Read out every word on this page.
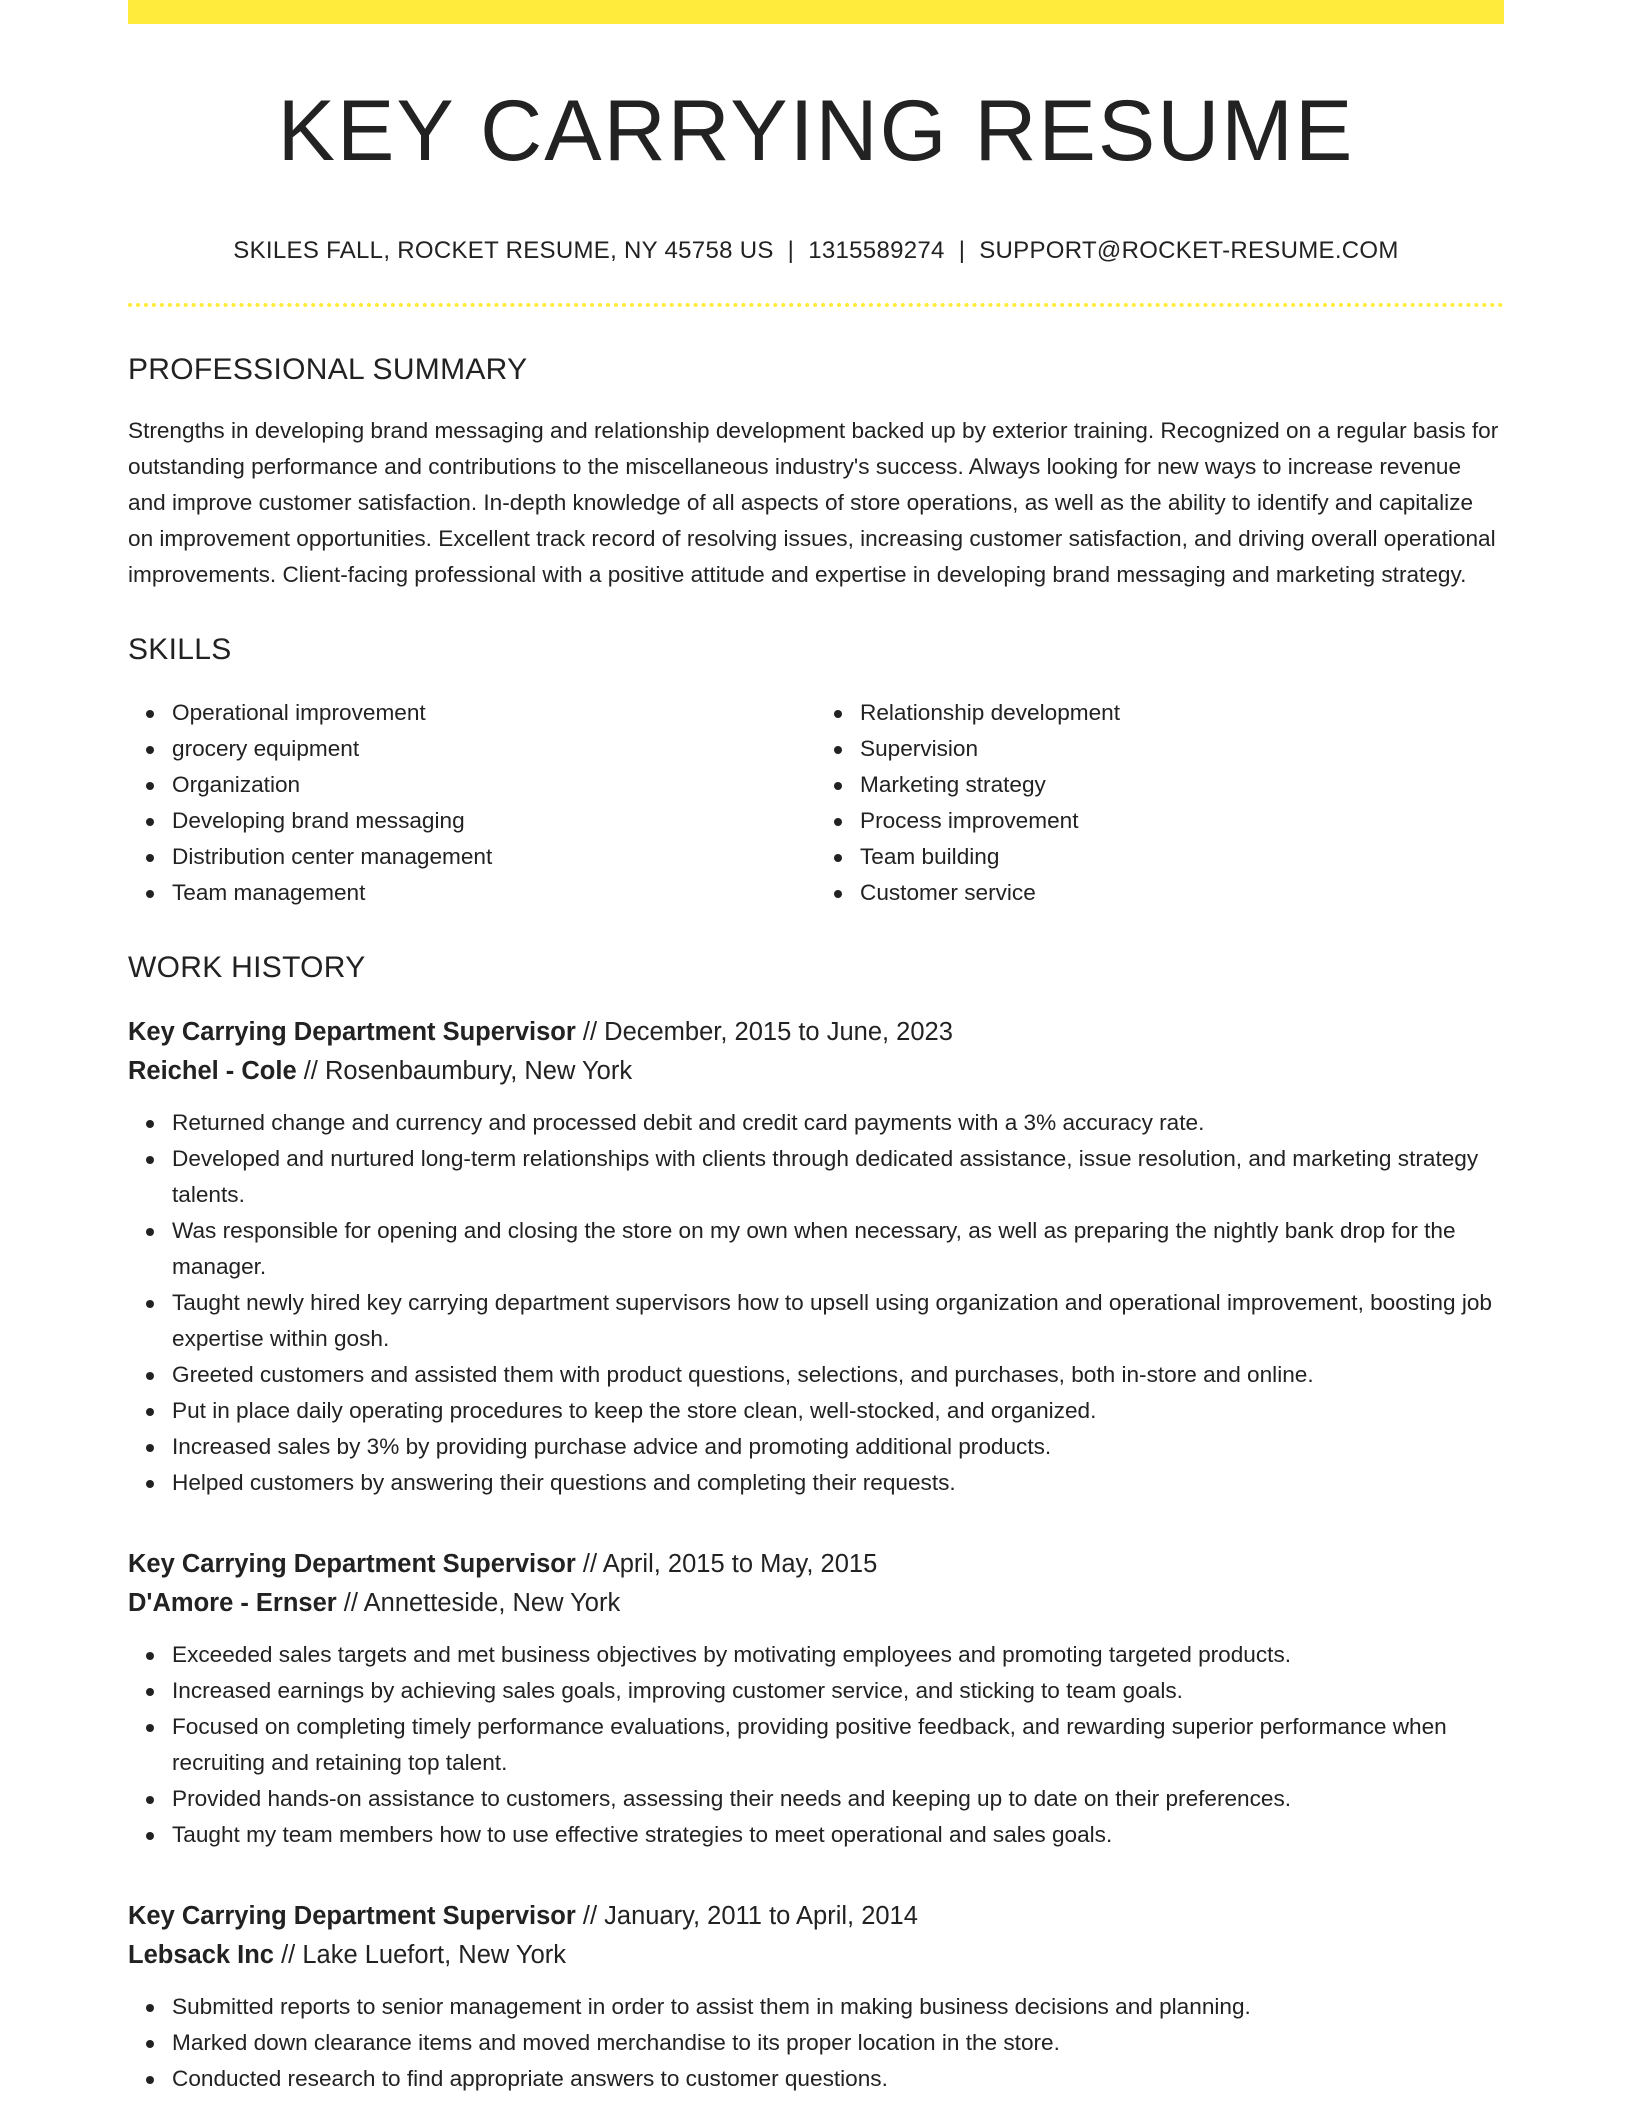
KEY CARRYING RESUME
SKILES FALL, ROCKET RESUME, NY 45758 US | 1315589274 | SUPPORT@ROCKET-RESUME.COM
PROFESSIONAL SUMMARY

Strengths in developing brand messaging and relationship development backed up by exterior training. Recognized on a regular basis for outstanding performance and contributions to the miscellaneous industry's success. Always looking for new ways to increase revenue and improve customer satisfaction. In-depth knowledge of all aspects of store operations, as well as the ability to identify and capitalize on improvement opportunities. Excellent track record of resolving issues, increasing customer satisfaction, and driving overall operational improvements. Client-facing professional with a positive attitude and expertise in developing brand messaging and marketing strategy.

SKILLS
Operational improvement
grocery equipment
Organization
Developing brand messaging
Distribution center management
Team management
Relationship development
Supervision
Marketing strategy
Process improvement
Team building
Customer service
WORK HISTORY
Key Carrying Department Supervisor // December, 2015 to June, 2023
Reichel - Cole // Rosenbaumbury, New York
Returned change and currency and processed debit and credit card payments with a 3% accuracy rate.
Developed and nurtured long-term relationships with clients through dedicated assistance, issue resolution, and marketing strategy talents.
Was responsible for opening and closing the store on my own when necessary, as well as preparing the nightly bank drop for the manager.
Taught newly hired key carrying department supervisors how to upsell using organization and operational improvement, boosting job expertise within gosh.
Greeted customers and assisted them with product questions, selections, and purchases, both in-store and online.
Put in place daily operating procedures to keep the store clean, well-stocked, and organized.
Increased sales by 3% by providing purchase advice and promoting additional products.
Helped customers by answering their questions and completing their requests.
Key Carrying Department Supervisor // April, 2015 to May, 2015
D'Amore - Ernser // Annetteside, New York
Exceeded sales targets and met business objectives by motivating employees and promoting targeted products.
Increased earnings by achieving sales goals, improving customer service, and sticking to team goals.
Focused on completing timely performance evaluations, providing positive feedback, and rewarding superior performance when recruiting and retaining top talent.
Provided hands-on assistance to customers, assessing their needs and keeping up to date on their preferences.
Taught my team members how to use effective strategies to meet operational and sales goals.
Key Carrying Department Supervisor // January, 2011 to April, 2014
Lebsack Inc // Lake Luefort, New York
Submitted reports to senior management in order to assist them in making business decisions and planning.
Marked down clearance items and moved merchandise to its proper location in the store.
Conducted research to find appropriate answers to customer questions.
